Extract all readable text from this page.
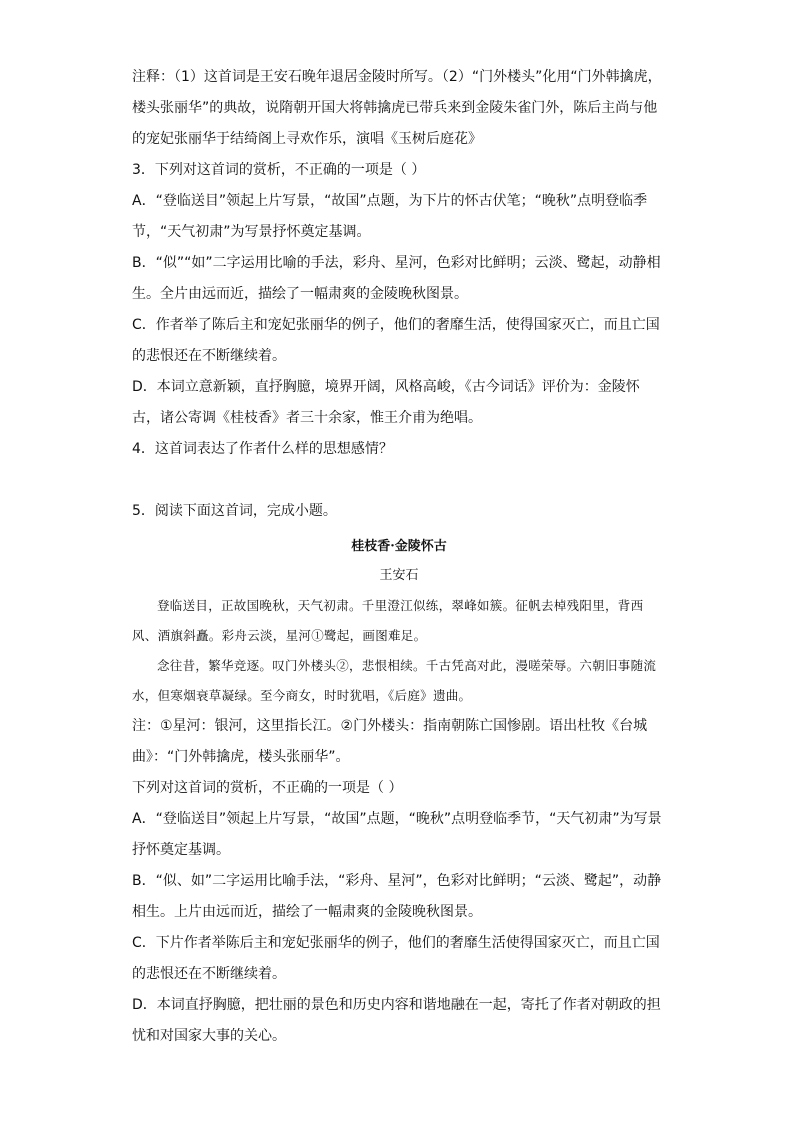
注释：（1）这首词是王安石晚年退居金陵时所写。（2）“门外楼头”化用“门外韩擒虎，楼头张丽华”的典故，说隋朝开国大将韩擒虎已带兵来到金陵朱雀门外，陈后主尚与他的宠妃张丽华于结绮阁上寻欢作乐，演唱《玉树后庭花》

3．下列对这首词的赏析，不正确的一项是（ ）

A．“登临送目”领起上片写景，“故国”点题，为下片的怀古伏笔；“晚秋”点明登临季节，“天气初肃”为写景抒怀奠定基调。

B．“似”“如”二字运用比喻的手法，彩舟、星河，色彩对比鲜明；云淡、鹭起，动静相生。全片由远而近，描绘了一幅肃爽的金陵晚秋图景。

C．作者举了陈后主和宠妃张丽华的例子，他们的奢靡生活，使得国家灭亡，而且亡国的悲恨还在不断继续着。

D．本词立意新颖，直抒胸臆，境界开阔，风格高峻，《古今词话》评价为：金陵怀古，诸公寄调《桂枝香》者三十余家，惟王介甫为绝唱。

4．这首词表达了作者什么样的思想感情？

5．阅读下面这首词，完成小题。

桂枝香·金陵怀古

王安石

登临送目，正故国晚秋，天气初肃。千里澄江似练，翠峰如簇。征帆去棹残阳里，背西风、酒旗斜矗。彩舟云淡，星河①鹭起，画图难足。

念往昔，繁华竞逐。叹门外楼头②，悲恨相续。千古凭高对此，漫嗟荣辱。六朝旧事随流水，但寒烟衰草凝绿。至今商女，时时犹唱，《后庭》遗曲。

注：①星河：银河，这里指长江。②门外楼头：指南朝陈亡国惨剧。语出杜牧《台城曲》：“门外韩擒虎，楼头张丽华”。

下列对这首词的赏析，不正确的一项是（ ）

A．“登临送目”领起上片写景，“故国”点题，“晚秋”点明登临季节，“天气初肃”为写景抒怀奠定基调。

B．“似、如”二字运用比喻手法，“彩舟、星河”，色彩对比鲜明；“云淡、鹭起”，动静相生。上片由远而近，描绘了一幅肃爽的金陵晚秋图景。

C．下片作者举陈后主和宠妃张丽华的例子，他们的奢靡生活使得国家灭亡，而且亡国的悲恨还在不断继续着。

D．本词直抒胸臆，把壮丽的景色和历史内容和谐地融在一起，寄托了作者对朝政的担忧和对国家大事的关心。
